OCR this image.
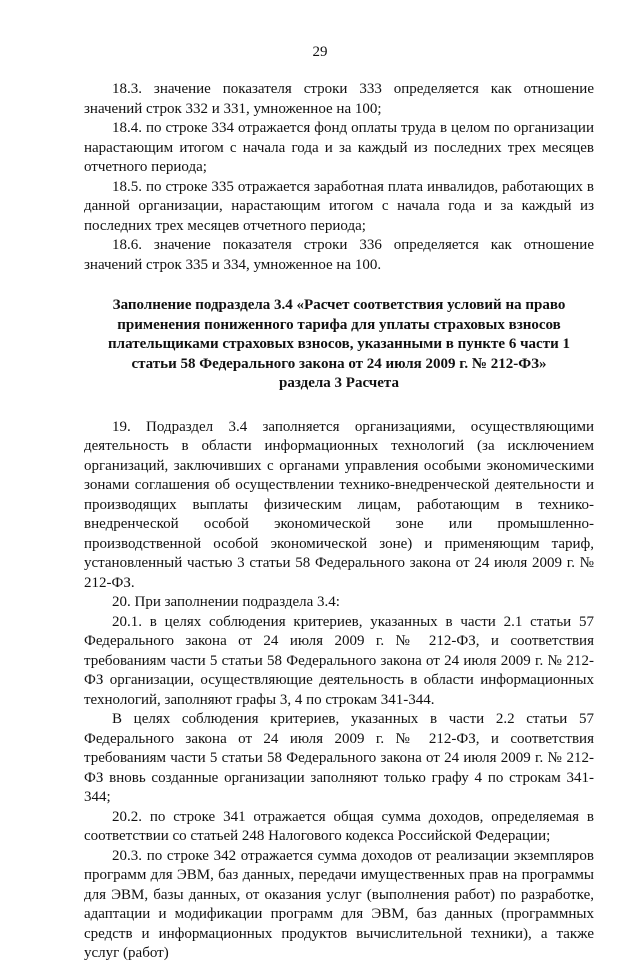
29

18.3. значение показателя строки 333 определяется как отношение значений строк 332 и 331, умноженное на 100;

18.4. по строке 334 отражается фонд оплаты труда в целом по организации нарастающим итогом с начала года и за каждый из последних трех месяцев отчетного периода;

18.5. по строке 335 отражается заработная плата инвалидов, работающих в данной организации, нарастающим итогом с начала года и за каждый из последних трех месяцев отчетного периода;

18.6. значение показателя строки 336 определяется как отношение значений строк 335 и 334, умноженное на 100.

Заполнение подраздела 3.4 «Расчет соответствия условий на право
применения пониженного тарифа для уплаты страховых взносов
плательщиками страховых взносов, указанными в пункте 6 части 1
статьи 58 Федерального закона от 24 июля 2009 г. № 212-ФЗ»
раздела 3 Расчета

19. Подраздел 3.4 заполняется организациями, осуществляющими деятельность в области информационных технологий (за исключением организаций, заключивших с органами управления особыми экономическими зонами соглашения об осуществлении технико-внедренческой деятельности и производящих выплаты физическим лицам, работающим в технико-внедренческой особой экономической зоне или промышленно-производственной особой экономической зоне) и применяющим тариф, установленный частью 3 статьи 58 Федерального закона от 24 июля 2009 г. № 212-ФЗ.

20. При заполнении подраздела 3.4:

20.1. в целях соблюдения критериев, указанных в части 2.1 статьи 57 Федерального закона от 24 июля 2009 г. № 212-ФЗ, и соответствия требованиям части 5 статьи 58 Федерального закона от 24 июля 2009 г. № 212-ФЗ организации, осуществляющие деятельность в области информационных технологий, заполняют графы 3, 4 по строкам 341-344.

В целях соблюдения критериев, указанных в части 2.2 статьи 57 Федерального закона от 24 июля 2009 г. № 212-ФЗ, и соответствия требованиям части 5 статьи 58 Федерального закона от 24 июля 2009 г. № 212-ФЗ вновь созданные организации заполняют только графу 4 по строкам 341-344;

20.2. по строке 341 отражается общая сумма доходов, определяемая в соответствии со статьей 248 Налогового кодекса Российской Федерации;

20.3. по строке 342 отражается сумма доходов от реализации экземпляров программ для ЭВМ, баз данных, передачи имущественных прав на программы для ЭВМ, базы данных, от оказания услуг (выполнения работ) по разработке, адаптации и модификации программ для ЭВМ, баз данных (программных средств и информационных продуктов вычислительной техники), а также услуг (работ)
